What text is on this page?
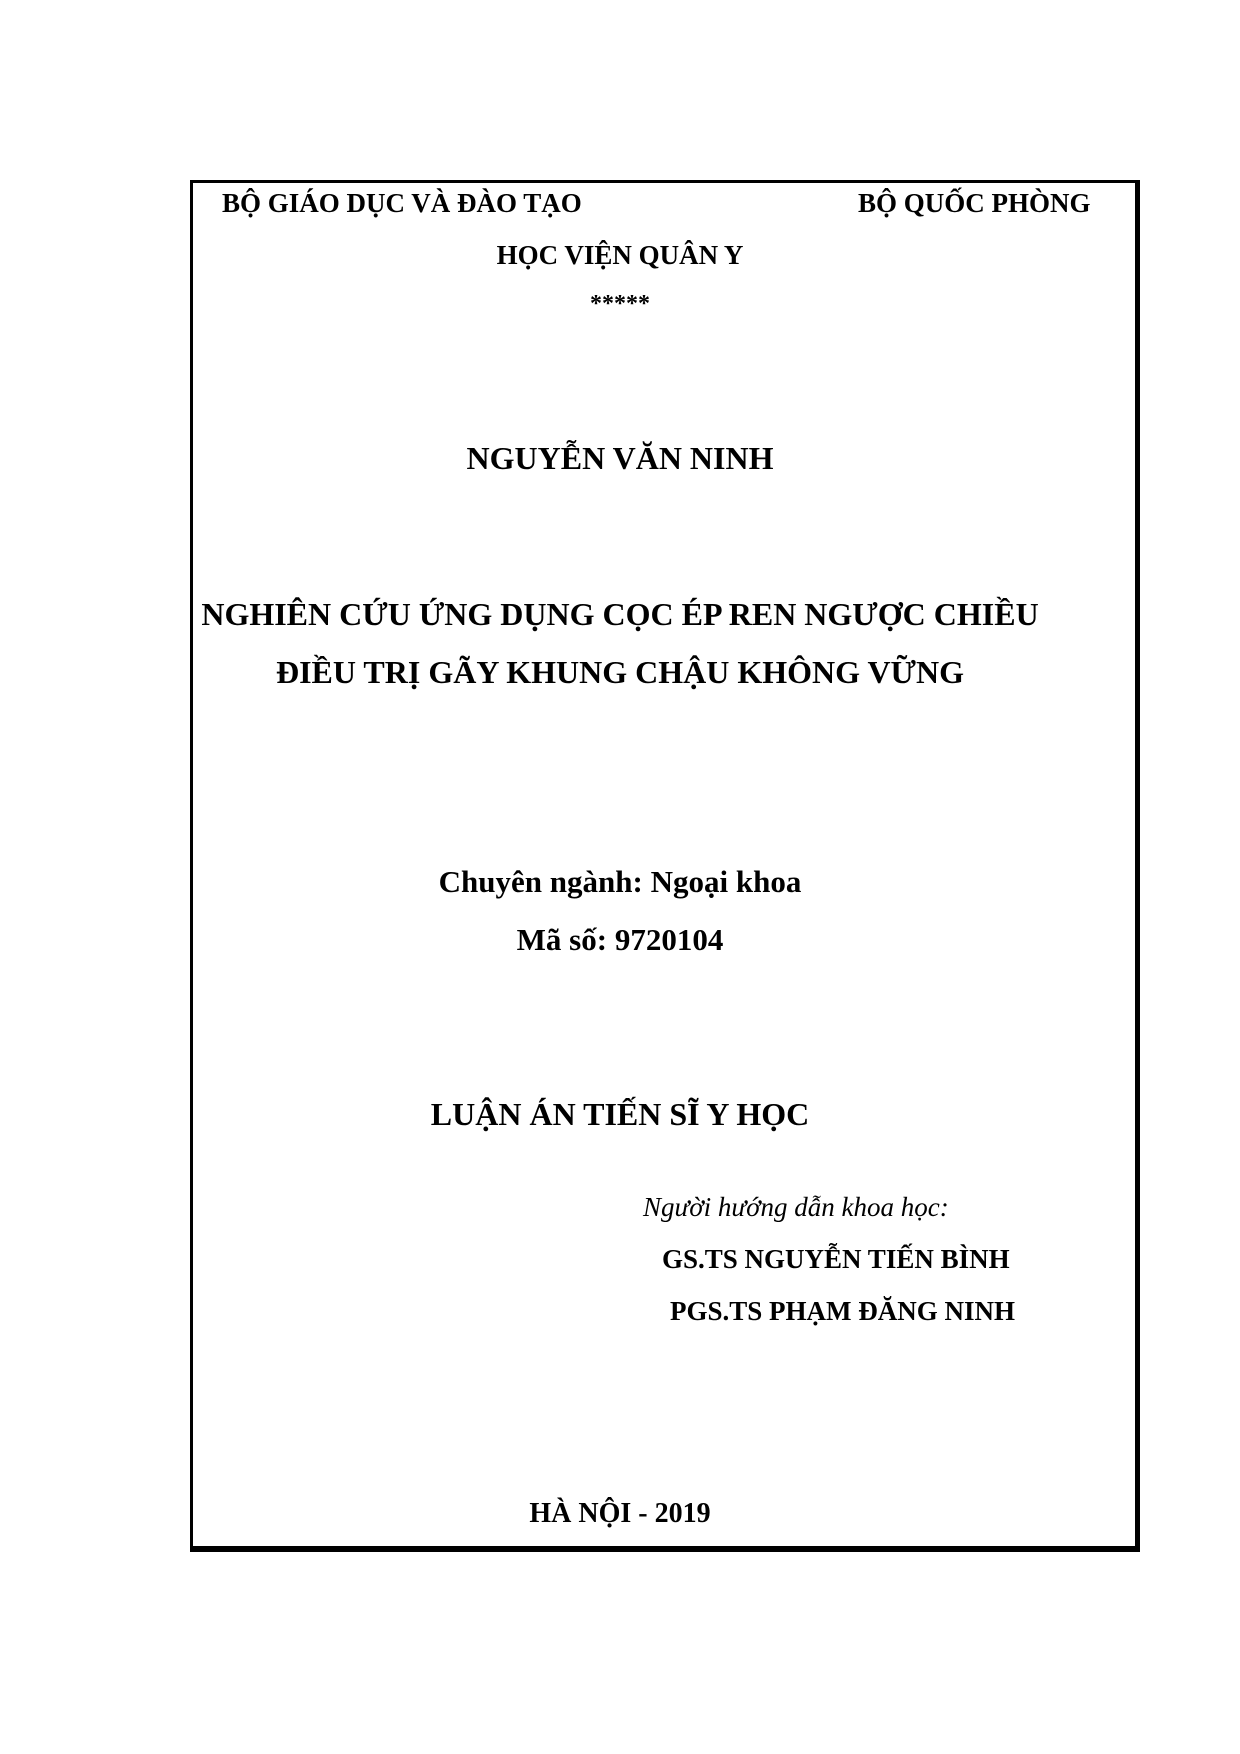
BỘ GIÁO DỤC VÀ ĐÀO TẠO	BỘ QUỐC PHÒNG
HỌC VIỆN QUÂN Y
*****
NGUYỄN VĂN NINH
NGHIÊN CỨU ỨNG DỤNG CỌC ÉP REN NGƯỢC CHIỀU
ĐIỀU TRỊ GÃY KHUNG CHẬU KHÔNG VỮNG
Chuyên ngành: Ngoại khoa
Mã số: 9720104
LUẬN ÁN TIẾN SĨ Y HỌC
Người hướng dẫn khoa học:
GS.TS NGUYỄN TIẾN BÌNH
PGS.TS PHẠM ĐĂNG NINH
HÀ NỘI - 2019
